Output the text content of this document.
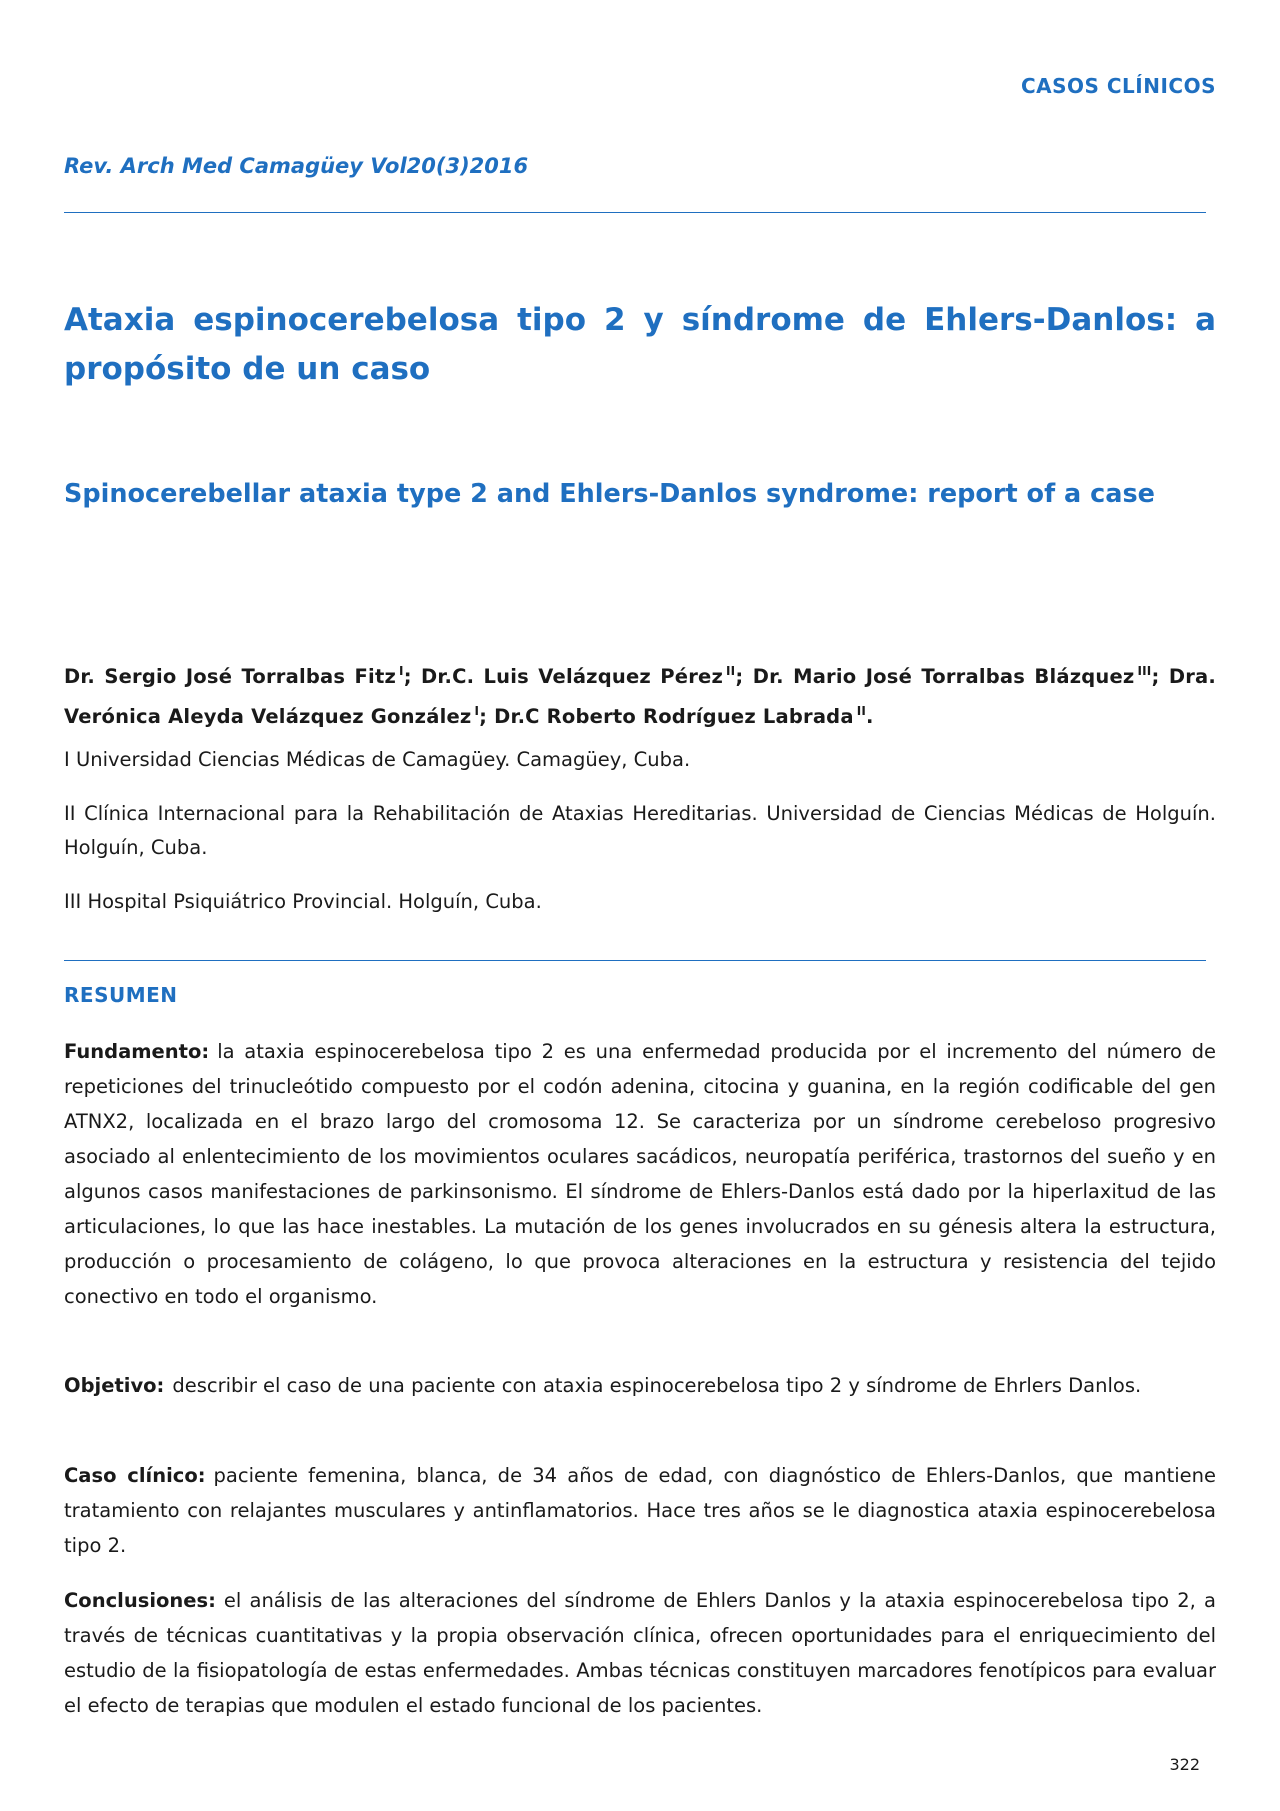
CASOS CLÍNICOS
Rev. Arch Med Camagüey Vol20(3)2016
Ataxia espinocerebelosa tipo 2 y síndrome de Ehlers-Danlos: a propósito de un caso
Spinocerebellar ataxia type 2 and Ehlers-Danlos syndrome: report of a case
Dr. Sergio José Torralbas Fitz $^I$; Dr.C. Luis Velázquez Pérez $^{II}$; Dr. Mario José Torralbas Blázquez $^{III}$; Dra. Verónica Aleyda Velázquez González $^I$; Dr.C Roberto Rodríguez Labrada $^{II}$.
I Universidad Ciencias Médicas de Camagüey. Camagüey, Cuba.
II Clínica Internacional para la Rehabilitación de Ataxias Hereditarias. Universidad de Ciencias Médicas de Holguín. Holguín, Cuba.
III Hospital Psiquiátrico Provincial. Holguín, Cuba.
RESUMEN
Fundamento: la ataxia espinocerebelosa tipo 2 es una enfermedad producida por el incremento del número de repeticiones del trinucleótido compuesto por el codón adenina, citocina y guanina, en la región codificable del gen ATNX2, localizada en el brazo largo del cromosoma 12. Se caracteriza por un síndrome cerebeloso progresivo asociado al enlentecimiento de los movimientos oculares sacádicos, neuropatía periférica, trastornos del sueño y en algunos casos manifestaciones de parkinsonismo. El síndrome de Ehlers-Danlos está dado por la hiperlaxitud de las articulaciones, lo que las hace inestables. La mutación de los genes involucrados en su génesis altera la estructura, producción o procesamiento de colágeno, lo que provoca alteraciones en la estructura y resistencia del tejido conectivo en todo el organismo.
Objetivo: describir el caso de una paciente con ataxia espinocerebelosa tipo 2 y síndrome de Ehrlers Danlos.
Caso clínico: paciente femenina, blanca, de 34 años de edad, con diagnóstico de Ehlers-Danlos, que mantiene tratamiento con relajantes musculares y antinflamatorios. Hace tres años se le diagnostica ataxia espinocerebelosa tipo 2.
Conclusiones: el análisis de las alteraciones del síndrome de Ehlers Danlos y la ataxia espinocerebelosa tipo 2, a través de técnicas cuantitativas y la propia observación clínica, ofrecen oportunidades para el enriquecimiento del estudio de la fisiopatología de estas enfermedades. Ambas técnicas constituyen marcadores fenotípicos para evaluar el efecto de terapias que modulen el estado funcional de los pacientes.
322
